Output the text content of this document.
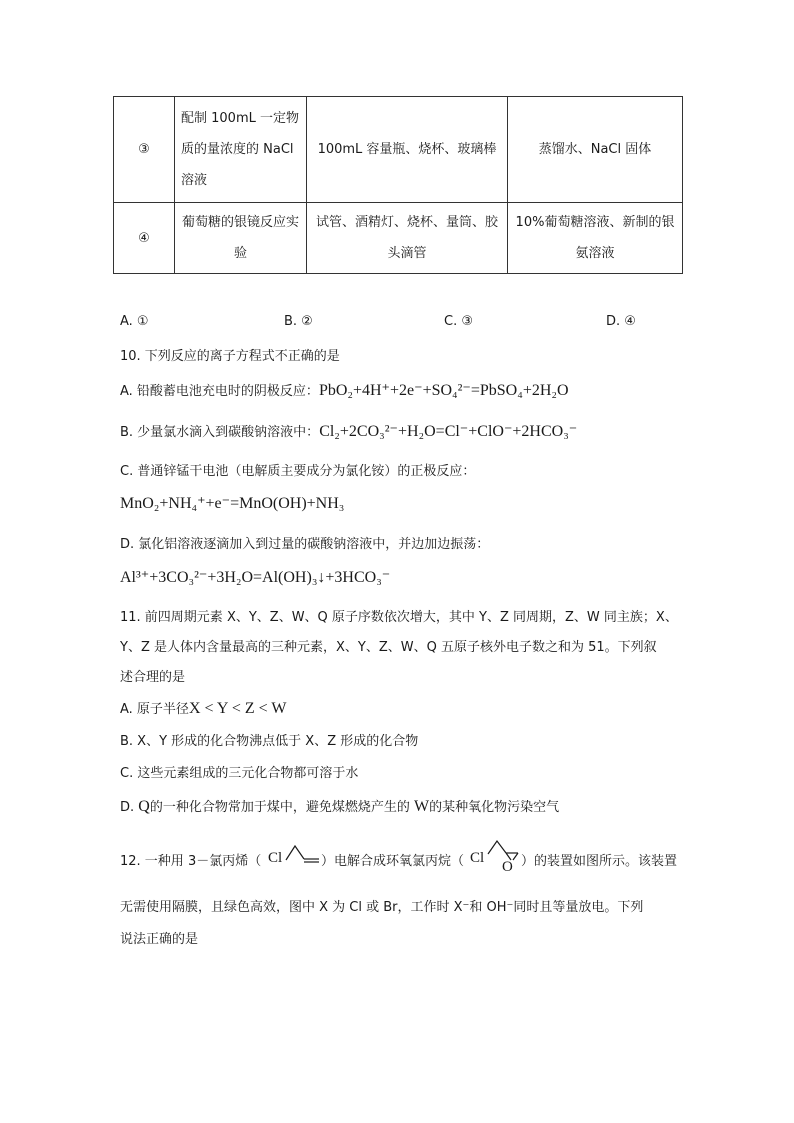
③	配制 100mL 一定物质的量浓度的 NaCl 溶液	100mL 容量瓶、烧杯、玻璃棒	蒸馏水、NaCl 固体
④	葡萄糖的银镜反应实验	试管、酒精灯、烧杯、量筒、胶头滴管	10%葡萄糖溶液、新制的银氨溶液
A. ①	B. ②	C. ③	D. ④
10. 下列反应的离子方程式不正确的是
A. 铅酸蓄电池充电时的阴极反应：PbO₂+4H⁺+2e⁻+SO₄²⁻=PbSO₄+2H₂O
B. 少量氯水滴入到碳酸钠溶液中：Cl₂+2CO₃²⁻+H₂O=Cl⁻+ClO⁻+2HCO₃⁻
C. 普通锌锰干电池（电解质主要成分为氯化铵）的正极反应：
MnO₂+NH₄⁺+e⁻=MnO(OH)+NH₃
D. 氯化铝溶液逐滴加入到过量的碳酸钠溶液中，并边加边振荡：
Al³⁺+3CO₃²⁻+3H₂O=Al(OH)₃↓+3HCO₃⁻
11. 前四周期元素 X、Y、Z、W、Q 原子序数依次增大，其中 Y、Z 同周期，Z、W 同主族；X、
Y、Z 是人体内含量最高的三种元素，X、Y、Z、W、Q 五原子核外电子数之和为 51。下列叙
述合理的是
A. 原子半径X < Y < Z < W
B. X、Y 形成的化合物沸点低于 X、Z 形成的化合物
C. 这些元素组成的三元化合物都可溶于水
D. Q的一种化合物常加于煤中，避免煤燃烧产生的 W的某种氧化物污染空气
12. 一种用 3－氯丙烯（ Cl	）电解合成环氧氯丙烷（ Cl
O ）的装置如图所示。该装置
无需使用隔膜，且绿色高效，图中 X 为 Cl 或 Br，工作时 X⁻和 OH⁻同时且等量放电。下列
说法正确的是
